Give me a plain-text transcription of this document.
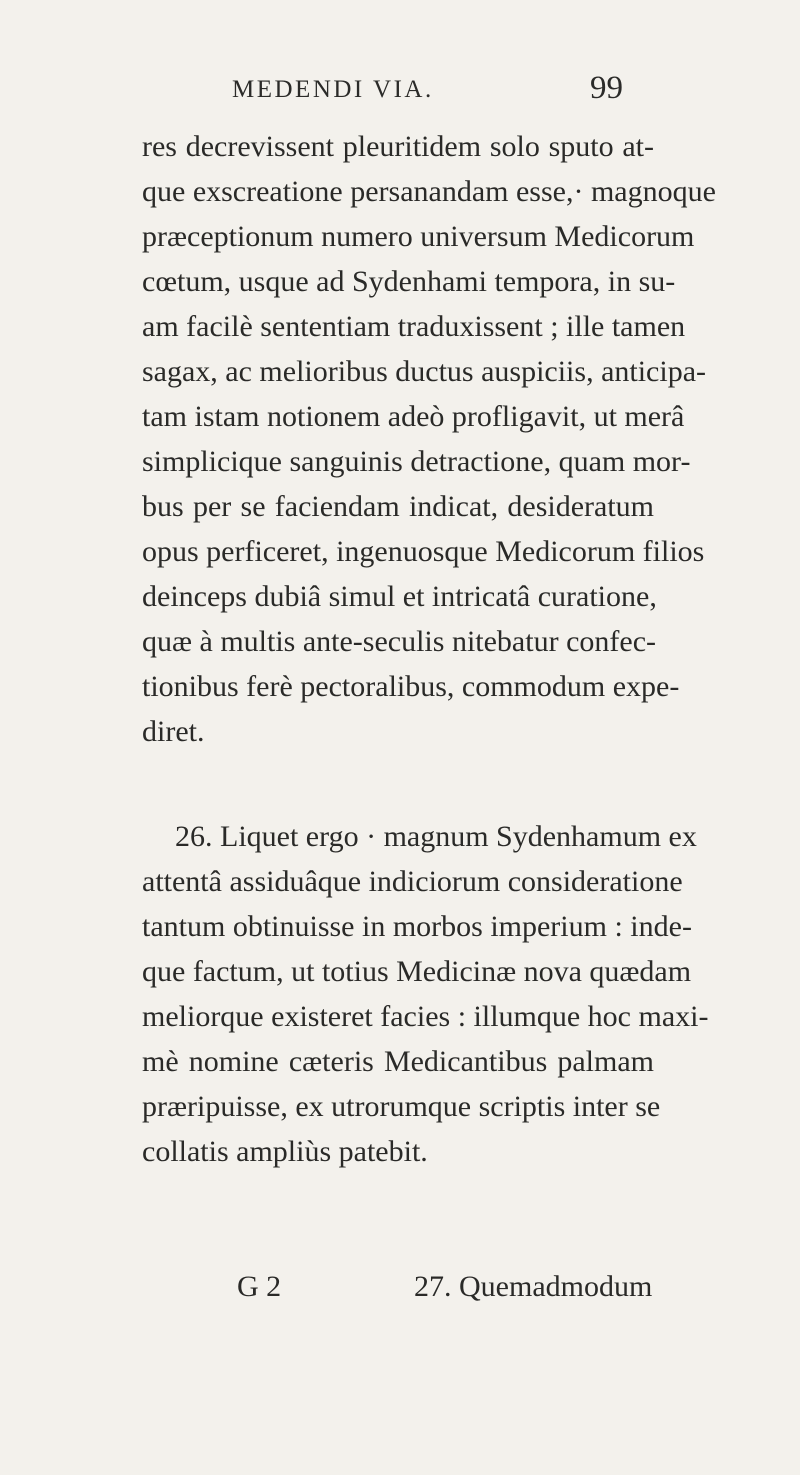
MEDENDI VIA.	99
res decrevissent pleuritidem solo sputo at-
que exscreatione persanandam esse,· magnoque
præceptionum numero universum Medicorum
cœtum, usque ad Sydenhami tempora, in su-
am facilè sententiam traduxissent ; ille tamen
sagax, ac melioribus ductus auspiciis, anticipa-
tam istam notionem adeò profligavit, ut merâ
simplicique sanguinis detractione, quam mor-
bus per se faciendam indicat, desideratum
opus perficeret, ingenuosque Medicorum filios
deinceps dubiâ simul et intricatâ curatione,
quæ à multis ante-seculis nitebatur confec-
tionibus ferè pectoralibus, commodum expe-
diret.
26. Liquet ergo · magnum Sydenhamum ex
attentâ assiduâque indiciorum consideratione
tantum obtinuisse in morbos imperium : inde-
que factum, ut totius Medicinæ nova quædam
meliorque existeret facies : illumque hoc maxi-
mè nomine cæteris Medicantibus palmam
præripuisse, ex utrorumque scriptis inter se
collatis ampliùs patebit.
G 2	27. Quemadmodum
